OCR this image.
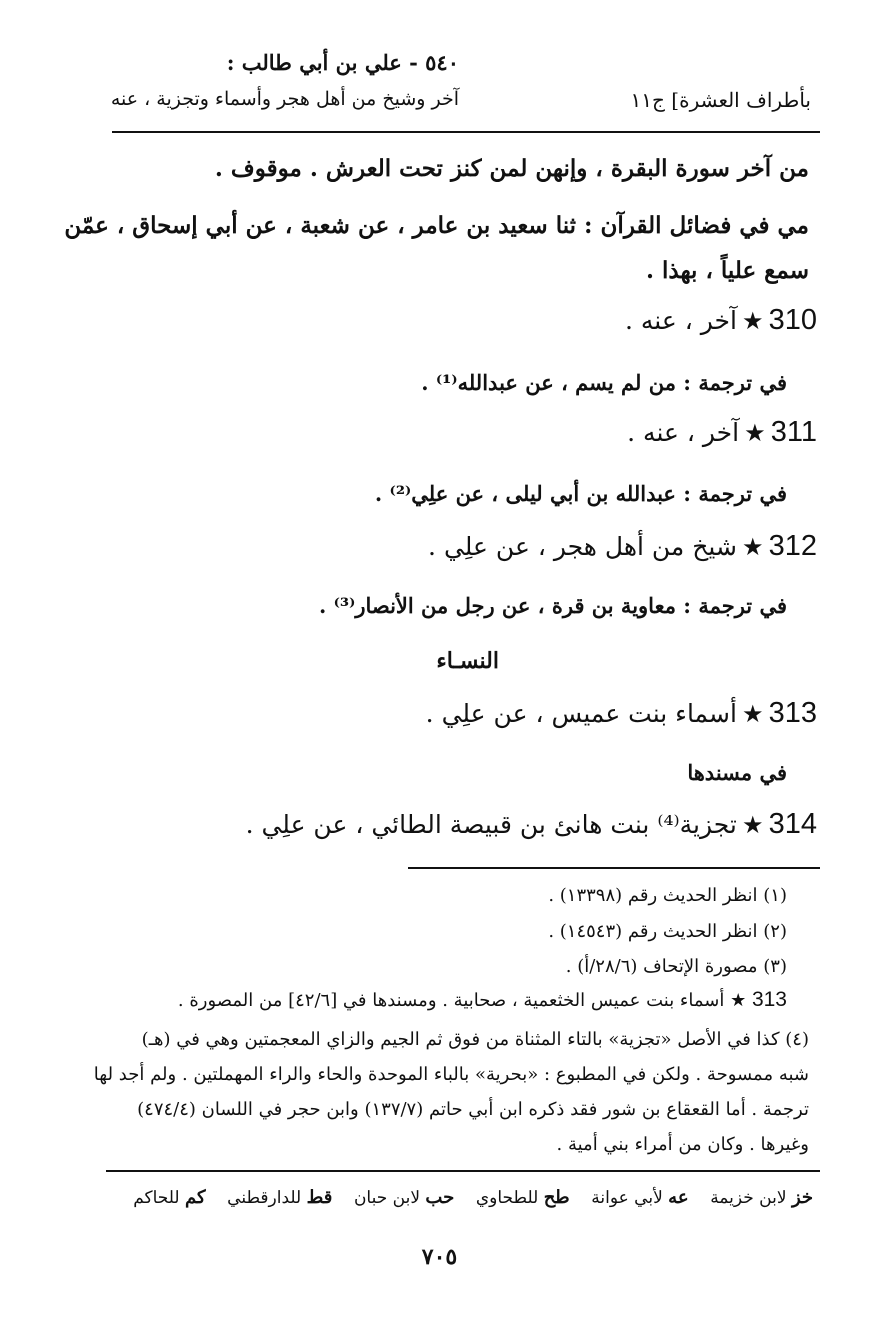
٥٤٠ - علي بن أبي طالب :
بأطراف العشرة] ج١١
آخر وشيخ من أهل هجر وأسماء وتجزية ، عنه
من آخر سورة البقرة ، وإنهن لمن كنز تحت العرش . موقوف .
مي في فضائل القرآن : ثنا سعيد بن عامر ، عن شعبة ، عن أبي إسحاق ، عمّن
سمع علياً ، بهذا .
310 ★ آخر ، عنه .
في ترجمة : من لم يسم ، عن عبدالله⁽¹⁾ .
311 ★ آخر ، عنه .
في ترجمة : عبدالله بن أبي ليلى ، عن علِي⁽²⁾ .
312 ★ شيخ من أهل هجر ، عن علِي .
في ترجمة : معاوية بن قرة ، عن رجل من الأنصار⁽³⁾ .
النسـاء
313 ★ أسماء بنت عميس ، عن علِي .
في مسندها
314 ★ تجزية⁽⁴⁾ بنت هانئ بن قبيصة الطائي ، عن علِي .
(١) انظر الحديث رقم (١٣٣٩٨) .
(٢) انظر الحديث رقم (١٤٥٤٣) .
(٣) مصورة الإتحاف (٢٨/٦/أ) .
313 ★ أسماء بنت عميس الخثعمية ، صحابية . ومسندها في [٤٢/٦] من المصورة .
(٤) كذا في الأصل «تجزية» بالتاء المثناة من فوق ثم الجيم والزاي المعجمتين وهي في (هـ)
شبه ممسوحة . ولكن في المطبوع : «بحرية» بالباء الموحدة والحاء والراء المهملتين . ولم أجد لها
ترجمة . أما القعقاع بن شور فقد ذكره ابن أبي حاتم (١٣٧/٧) وابن حجر في اللسان (٤٧٤/٤)
وغيرها . وكان من أمراء بني أمية .
خز لابن خزيمة    عه لأبي عوانة    طح للطحاوي    حب لابن حبان    قط للدارقطني    كم للحاكم
٧٠٥
